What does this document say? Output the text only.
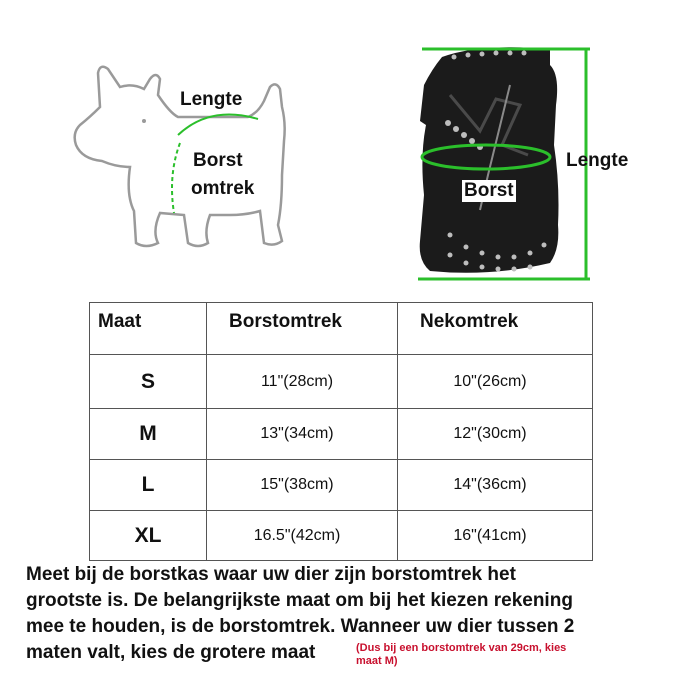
Lengte
Borst
omtrek
Lengte
Borst
Maat	Borstomtrek	Nekomtrek
S	11"(28cm)	10"(26cm)
M	13"(34cm)	12"(30cm)
L	15"(38cm)	14"(36cm)
XL	16.5"(42cm)	16"(41cm)
Meet bij de borstkas waar uw dier zijn borstomtrek het
grootste is. De belangrijkste maat om bij het kiezen rekening
mee te houden, is de borstomtrek. Wanneer uw dier tussen 2
maten valt, kies de grotere maat	(Dus bij een borstomtrek van 29cm, kies
maat M)
